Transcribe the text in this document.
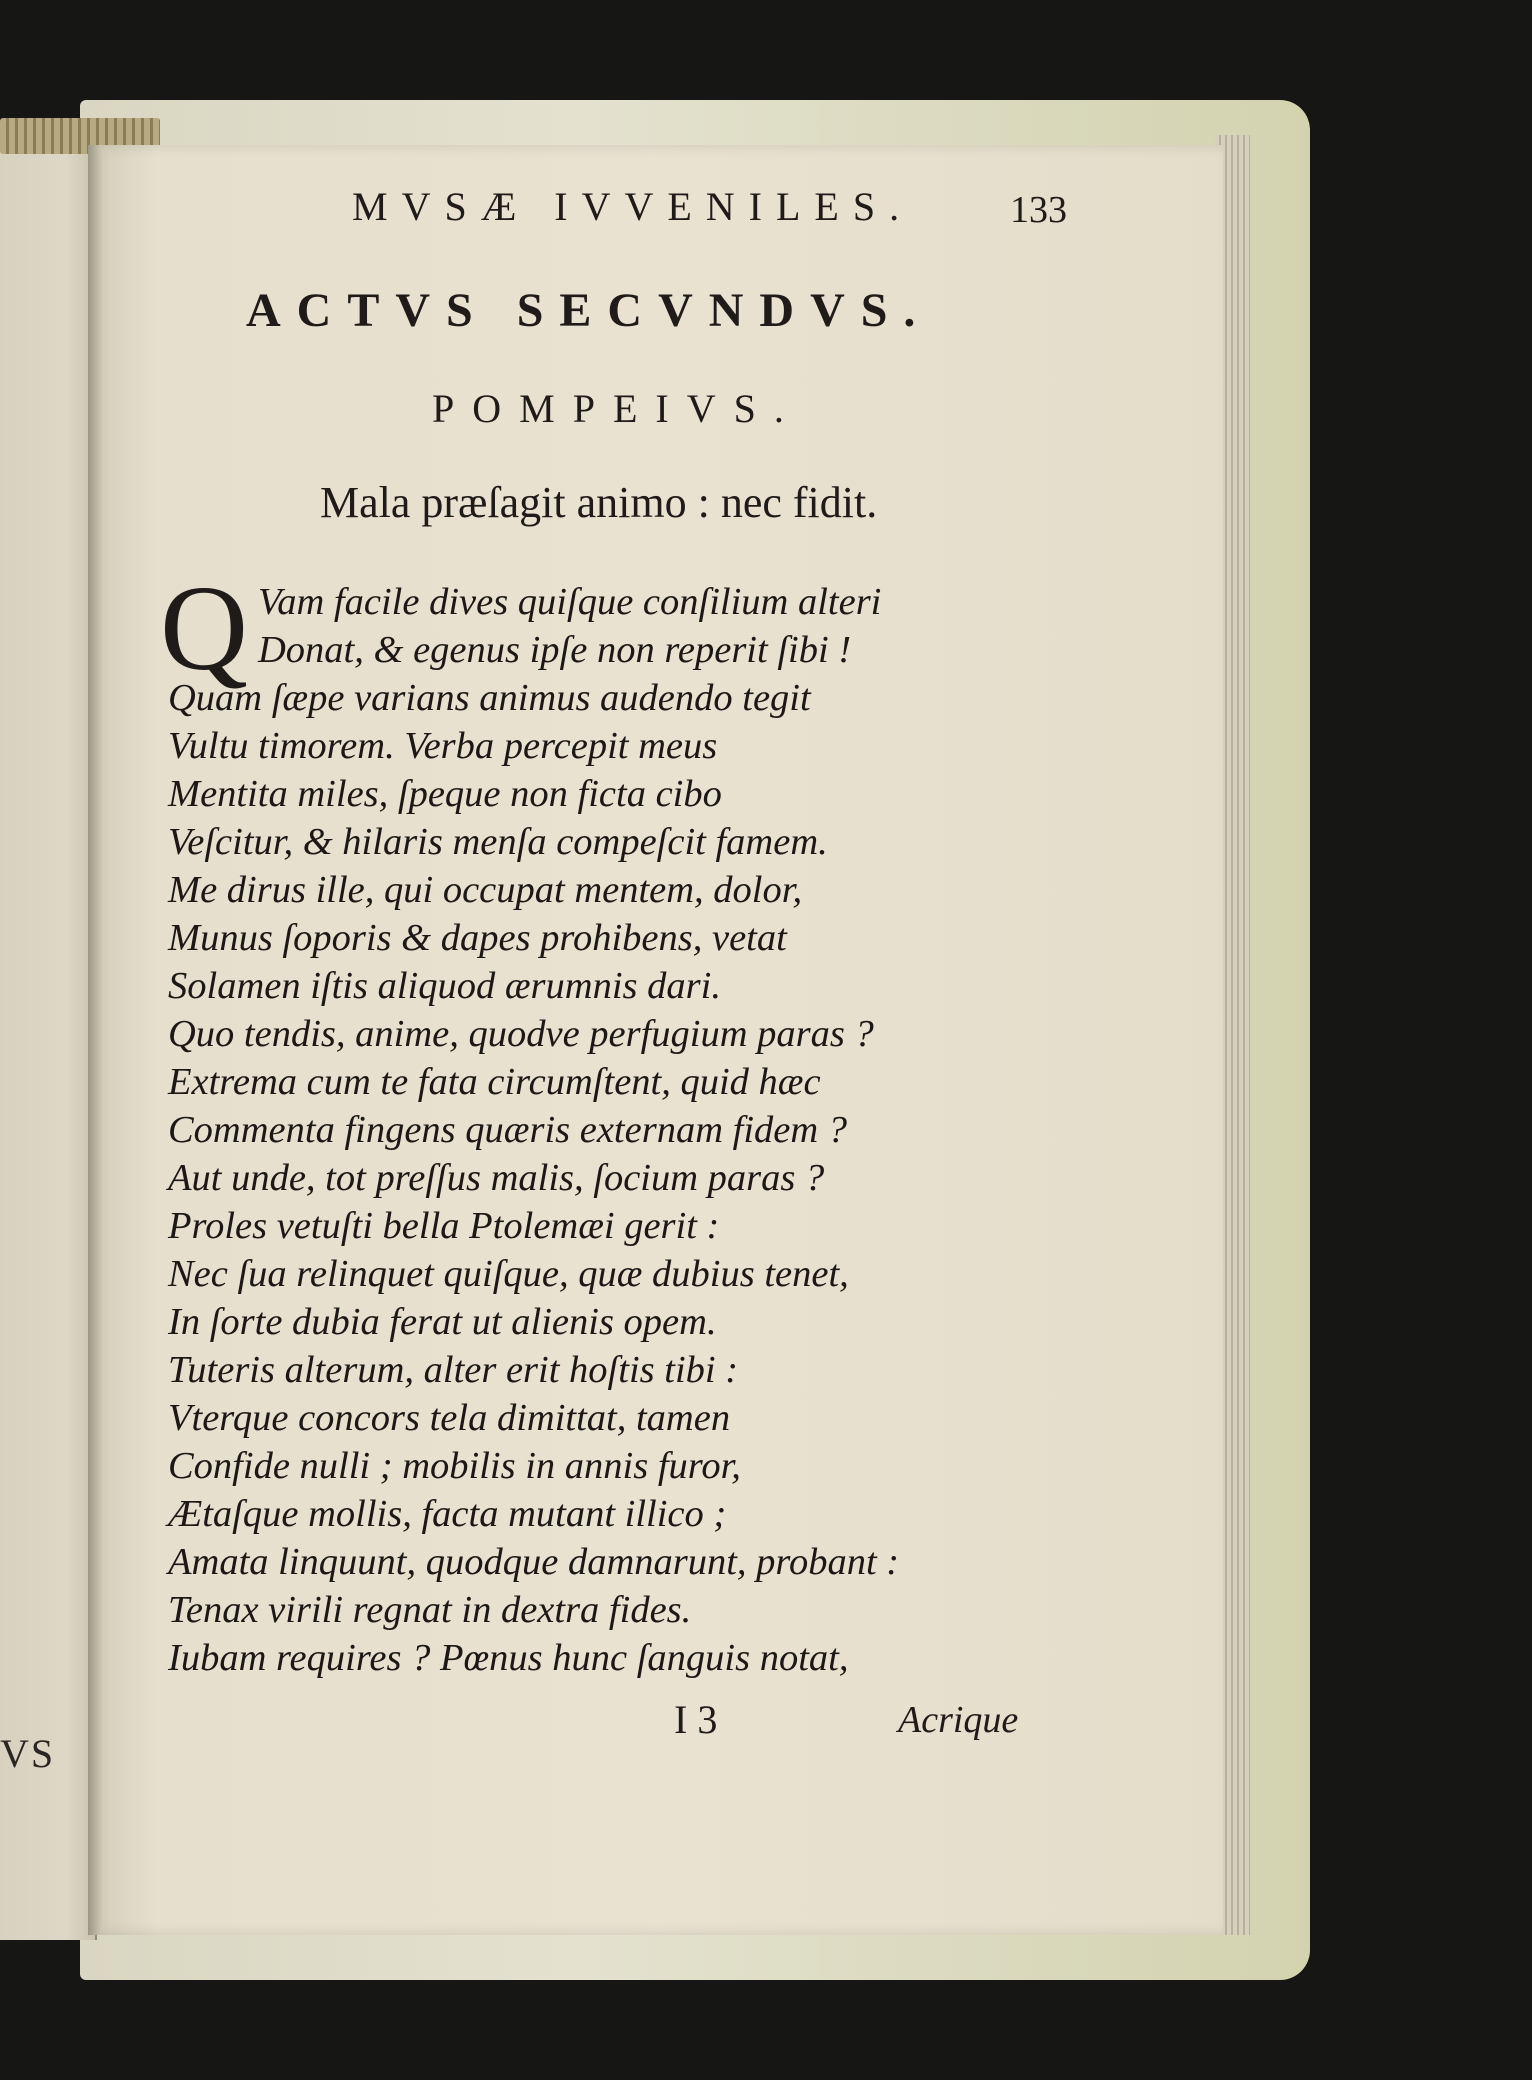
VS
MVSÆ IVVENILES.	133
ACTVS SECVNDVS.
POMPEIVS.
Mala præſagit animo : nec fidit.
Q Vam facile dives quiſque conſilium alteri
Donat, & egenus ipſe non reperit ſibi !
Quam ſæpe varians animus audendo tegit
Vultu timorem. Verba percepit meus
Mentita miles, ſpeque non ficta cibo
Veſcitur, & hilaris menſa compeſcit famem.
Me dirus ille, qui occupat mentem, dolor,
Munus ſoporis & dapes prohibens, vetat
Solamen iſtis aliquod ærumnis dari.
Quo tendis, anime, quodve perfugium paras ?
Extrema cum te fata circumſtent, quid hæc
Commenta fingens quæris externam fidem ?
Aut unde, tot preſſus malis, ſocium paras ?
Proles vetuſti bella Ptolemæi gerit :
Nec ſua relinquet quiſque, quæ dubius tenet,
In ſorte dubia ferat ut alienis opem.
Tuteris alterum, alter erit hoſtis tibi :
Vterque concors tela dimittat, tamen
Confide nulli ; mobilis in annis furor,
Ætaſque mollis, facta mutant illico ;
Amata linquunt, quodque damnarunt, probant :
Tenax virili regnat in dextra fides.
Iubam requires ? Pœnus hunc ſanguis notat,
I 3	Acrique
